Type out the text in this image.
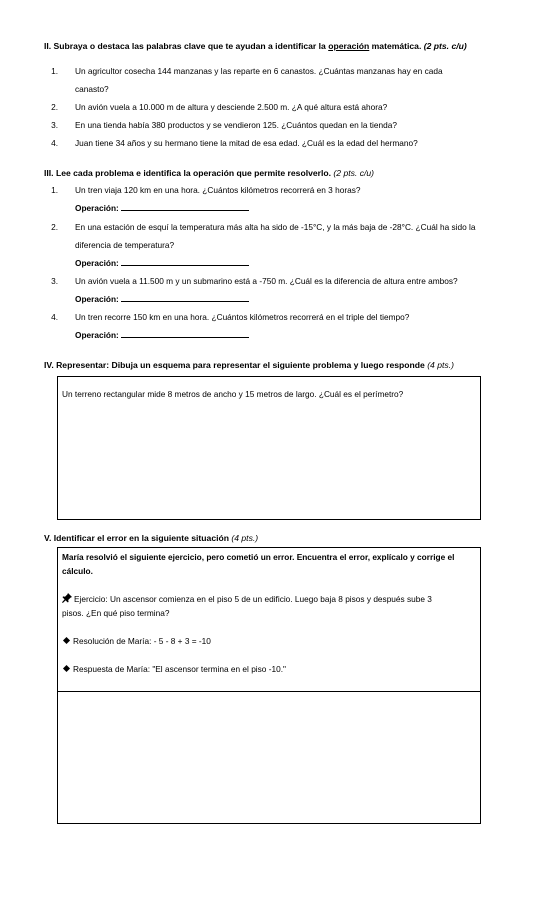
II. Subraya o destaca las palabras clave que te ayudan a identificar la operación matemática. (2 pts. c/u)
1. Un agricultor cosecha 144 manzanas y las reparte en 6 canastos. ¿Cuántas manzanas hay en cada
canasto?
2. Un avión vuela a 10.000 m de altura y desciende 2.500 m. ¿A qué altura está ahora?
3. En una tienda había 380 productos y se vendieron 125. ¿Cuántos quedan en la tienda?
4. Juan tiene 34 años y su hermano tiene la mitad de esa edad. ¿Cuál es la edad del hermano?
III. Lee cada problema e identifica la operación que permite resolverlo. (2 pts. c/u)
1. Un tren viaja 120 km en una hora. ¿Cuántos kilómetros recorrerá en 3 horas?
Operación:
2. En una estación de esquí la temperatura más alta ha sido de -15°C, y la más baja de -28°C. ¿Cuál ha sido la
diferencia de temperatura?
Operación:
3. Un avión vuela a 11.500 m y un submarino está a -750 m. ¿Cuál es la diferencia de altura entre ambos?
Operación:
4. Un tren recorre 150 km en una hora. ¿Cuántos kilómetros recorrerá en el triple del tiempo?
Operación:
IV. Representar: Dibuja un esquema para representar el siguiente problema y luego responde (4 pts.)
Un terreno rectangular mide 8 metros de ancho y 15 metros de largo. ¿Cuál es el perímetro?
V. Identificar el error en la siguiente situación (4 pts.)
María resolvió el siguiente ejercicio, pero cometió un error. Encuentra el error, explícalo y corrige el
cálculo.
Ejercicio: Un ascensor comienza en el piso 5 de un edificio. Luego baja 8 pisos y después sube 3
pisos. ¿En qué piso termina?
Resolución de María: - 5 - 8 + 3 = -10
Respuesta de María: "El ascensor termina en el piso -10."
